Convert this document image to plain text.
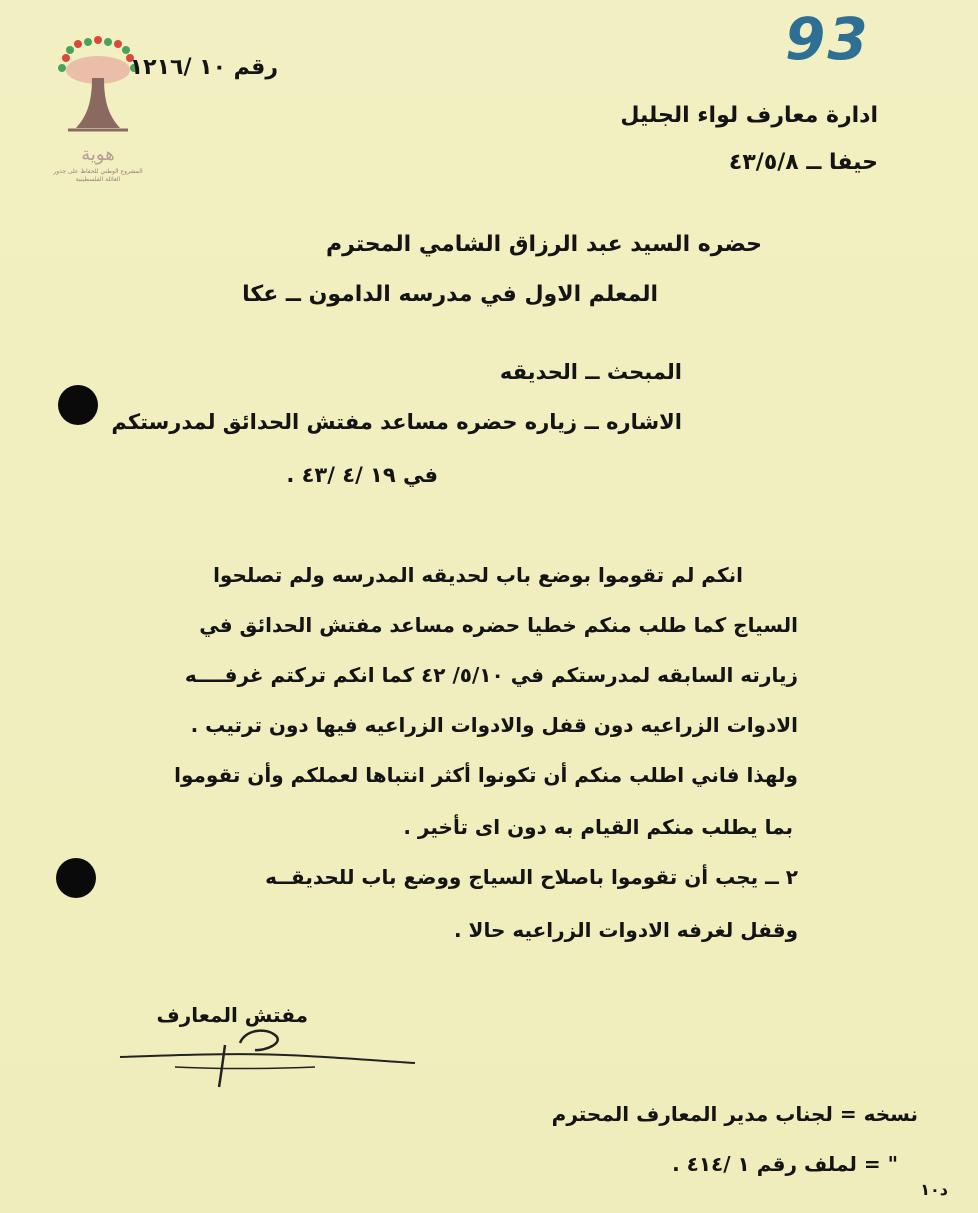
93
هوية
المشروع الوطني للحفاظ على جذور العائلة الفلسطينية
رقم ١٠ /١٢١٦
ادارة معارف لواء الجليل
حيفا ــ ٤٣/٥/٨
حضره السيد عبد الرزاق الشامي المحترم
المعلم الاول في مدرسه الدامون ــ عكا
المبحث ــ الحديقه
الاشاره ــ زياره حضره مساعد مفتش الحدائق لمدرستكم
في ١٩ /٤ /٤٣ .
انكم لم تقوموا بوضع باب لحديقه المدرسه ولم تصلحوا
السياج كما طلب منكم خطيا حضره مساعد مفتش الحدائق في
زيارته السابقه لمدرستكم في ٥/١٠/ ٤٢ كما انكم تركتم غرفــــه
الادوات الزراعيه دون قفل والادوات الزراعيه فيها دون ترتيب .
ولهذا فاني اطلب منكم أن تكونوا أكثر انتباها لعملكم وأن تقوموا
بما يطلب منكم القيام به دون اى تأخير .
٢ ــ يجب أن تقوموا باصلاح السياج ووضع باب للحديقــه
وقفل لغرفه الادوات الزراعيه حالا .
مفتش المعارف
نسخه = لجناب مدير المعارف المحترم
" = لملف رقم ١ /٤١٤ .
د١٠
